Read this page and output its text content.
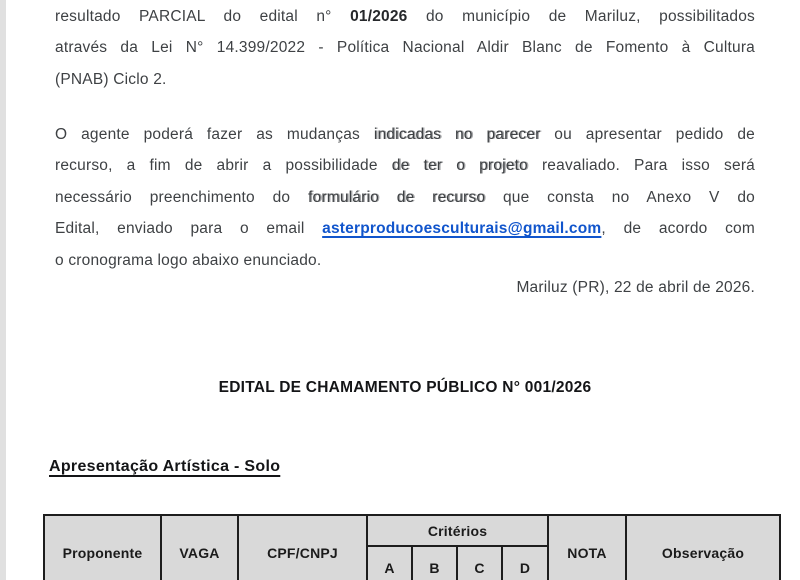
resultado PARCIAL do edital n° 01/2026 do município de Mariluz, possibilitados
através da Lei N° 14.399/2022 - Política Nacional Aldir Blanc de Fomento à Cultura
(PNAB) Ciclo 2.
O agente poderá fazer as mudanças indicadas no parecer ou apresentar pedido de
recurso, a fim de abrir a possibilidade de ter o projeto reavaliado. Para isso será
necessário preenchimento do formulário de recurso que consta no Anexo V do
Edital, enviado para o email asterproducoesculturais@gmail.com, de acordo com
o cronograma logo abaixo enunciado.
Mariluz (PR), 22 de abril de 2026.
EDITAL DE CHAMAMENTO PÚBLICO N° 001/2026
Apresentação Artística - Solo
Proponente	VAGA	CPF/CNPJ	Critérios				NOTA	Observação
			A	B	C	D		
